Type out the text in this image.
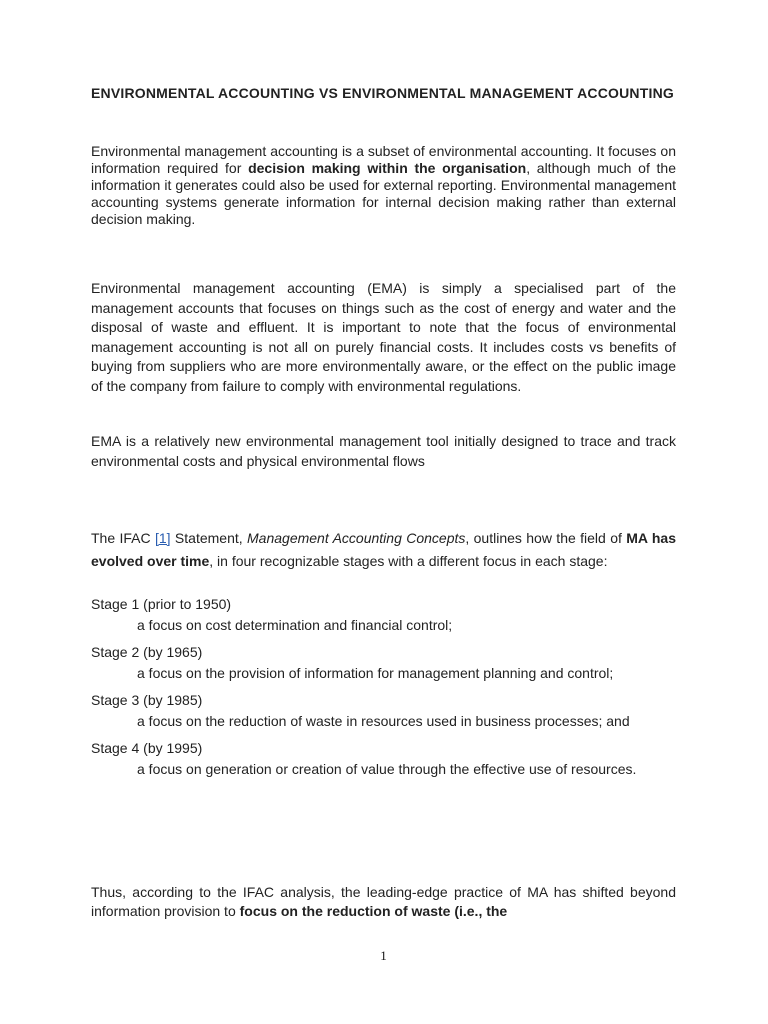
ENVIRONMENTAL ACCOUNTING VS ENVIRONMENTAL MANAGEMENT ACCOUNTING

Environmental management accounting is a subset of environmental accounting. It focuses on information required for decision making within the organisation, although much of the information it generates could also be used for external reporting. Environmental management accounting systems generate information for internal decision making rather than external decision making.

Environmental management accounting (EMA) is simply a specialised part of the management accounts that focuses on things such as the cost of energy and water and the disposal of waste and effluent. It is important to note that the focus of environmental management accounting is not all on purely financial costs. It includes costs vs benefits of buying from suppliers who are more environmentally aware, or the effect on the public image of the company from failure to comply with environmental regulations.

EMA is a relatively new environmental management tool initially designed to trace and track environmental costs and physical environmental flows

The IFAC [1] Statement, Management Accounting Concepts, outlines how the field of MA has evolved over time, in four recognizable stages with a different focus in each stage:

Stage 1 (prior to 1950)
a focus on cost determination and financial control;
Stage 2 (by 1965)
a focus on the provision of information for management planning and control;
Stage 3 (by 1985)
a focus on the reduction of waste in resources used in business processes; and
Stage 4 (by 1995)
a focus on generation or creation of value through the effective use of resources.

Thus, according to the IFAC analysis, the leading-edge practice of MA has shifted beyond information provision to focus on the reduction of waste (i.e., the

1
